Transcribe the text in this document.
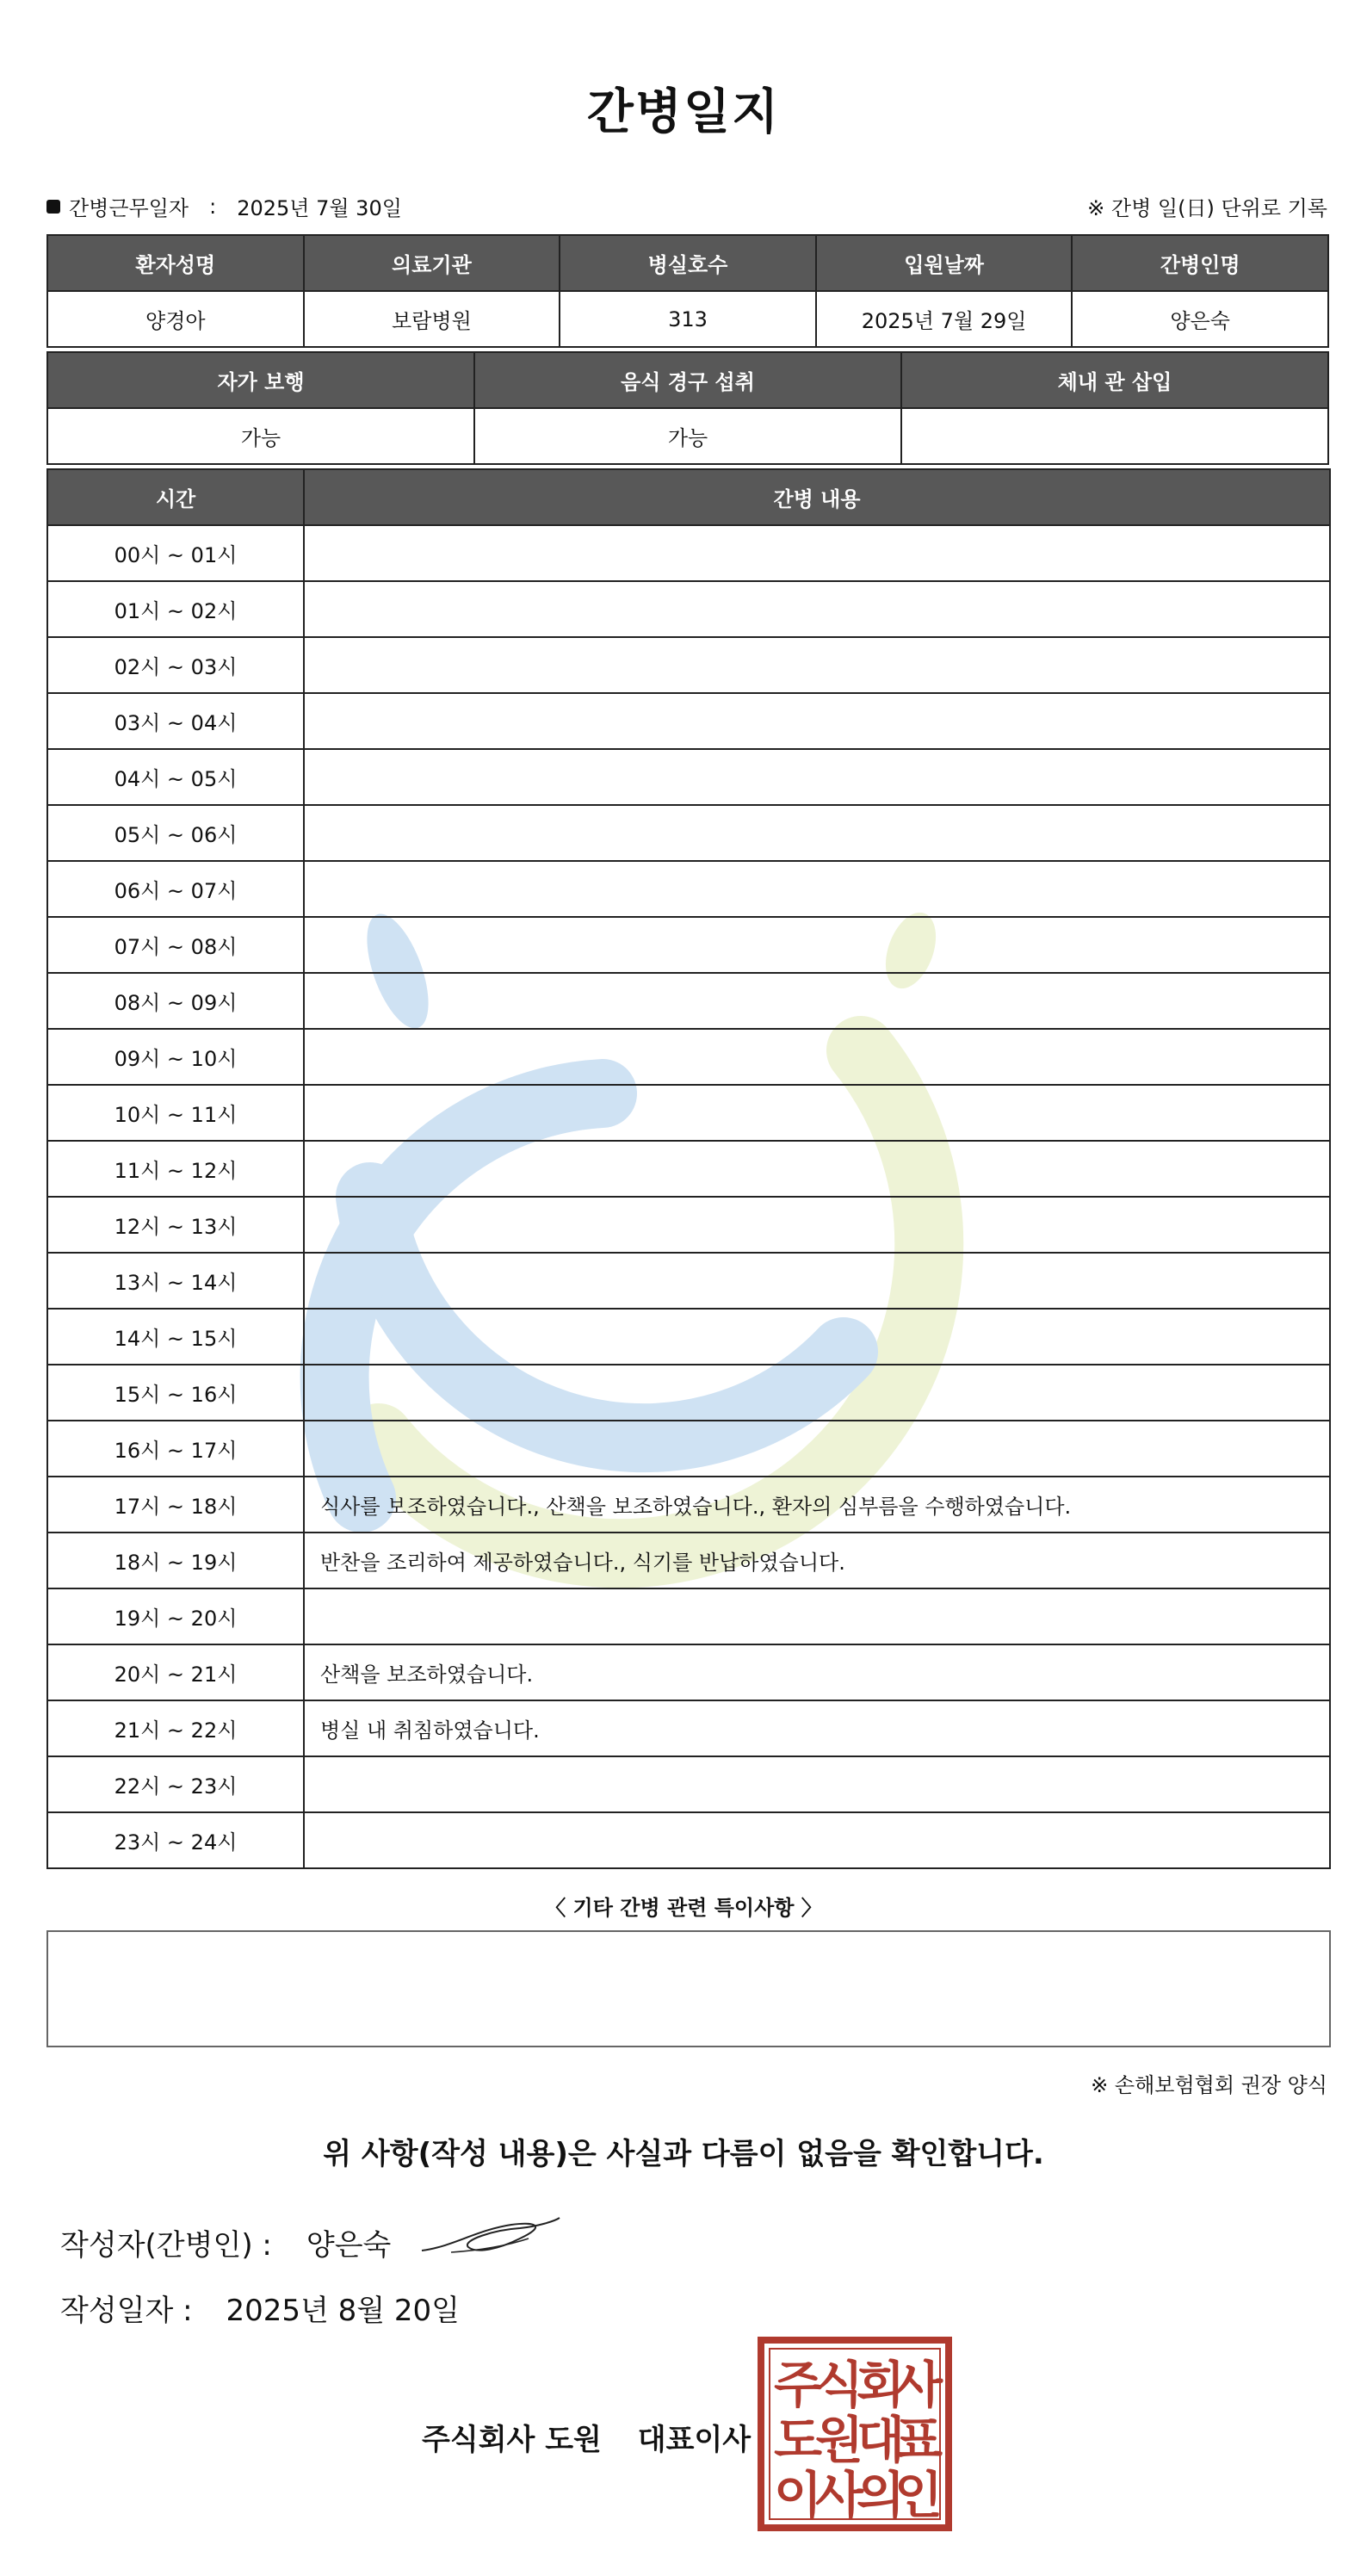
간병일지
간병근무일자 : 2025년 7월 30일	※ 간병 일(日) 단위로 기록
환자성명	의료기관	병실호수	입원날짜	간병인명
양경아	보람병원	313	2025년 7월 29일	양은숙
자가 보행	음식 경구 섭취	체내 관 삽입
가능	가능	
시간	간병 내용
00시 ~ 01시	
01시 ~ 02시	
02시 ~ 03시	
03시 ~ 04시	
04시 ~ 05시	
05시 ~ 06시	
06시 ~ 07시	
07시 ~ 08시	
08시 ~ 09시	
09시 ~ 10시	
10시 ~ 11시	
11시 ~ 12시	
12시 ~ 13시	
13시 ~ 14시	
14시 ~ 15시	
15시 ~ 16시	
16시 ~ 17시	
17시 ~ 18시	식사를 보조하였습니다., 산책을 보조하였습니다., 환자의 심부름을 수행하였습니다.
18시 ~ 19시	반찬을 조리하여 제공하였습니다., 식기를 반납하였습니다.
19시 ~ 20시	
20시 ~ 21시	산책을 보조하였습니다.
21시 ~ 22시	병실 내 취침하였습니다.
22시 ~ 23시	
23시 ~ 24시	
〈 기타 간병 관련 특이사항 〉
※ 손해보험협회 권장 양식
위 사항(작성 내용)은 사실과 다름이 없음을 확인합니다.
작성자(간병인) : 양은숙
작성일자 : 2025년 8월 20일
주식회사 도원 대표이사
주
식
회
사
도
원
대
표
이
사
의
인
